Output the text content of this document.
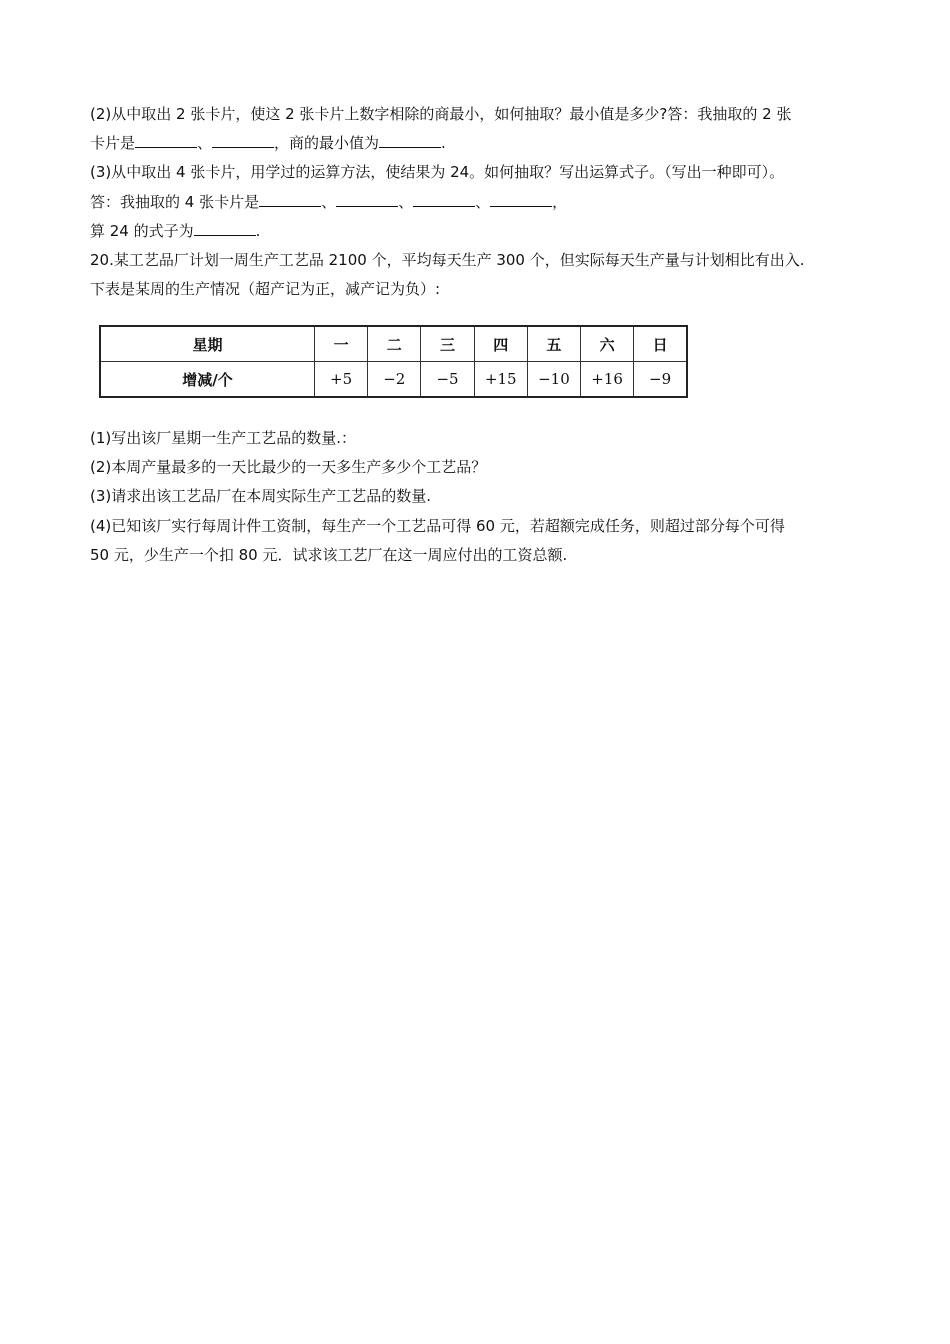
(2)从中取出 2 张卡片，使这 2 张卡片上数字相除的商最小，如何抽取？最小值是多少?答：我抽取的 2 张
卡片是	、	，商的最小值为	.
(3)从中取出 4 张卡片，用学过的运算方法，使结果为 24。如何抽取？写出运算式子。（写出一种即可）。
答：我抽取的 4 张卡片是	、	、	、	，
算 24 的式子为	.
20.某工艺品厂计划一周生产工艺品 2100 个，平均每天生产 300 个，但实际每天生产量与计划相比有出入.
下表是某周的生产情况（超产记为正，减产记为负）:
星期	一	二	三	四	五	六	日
增减/个	+5	−2	−5	+15	−10	+16	−9
(1)写出该厂星期一生产工艺品的数量.：
(2)本周产量最多的一天比最少的一天多生产多少个工艺品？
(3)请求出该工艺品厂在本周实际生产工艺品的数量.
(4)已知该厂实行每周计件工资制，每生产一个工艺品可得 60 元，若超额完成任务，则超过部分每个可得
50 元，少生产一个扣 80 元．试求该工艺厂在这一周应付出的工资总额.
